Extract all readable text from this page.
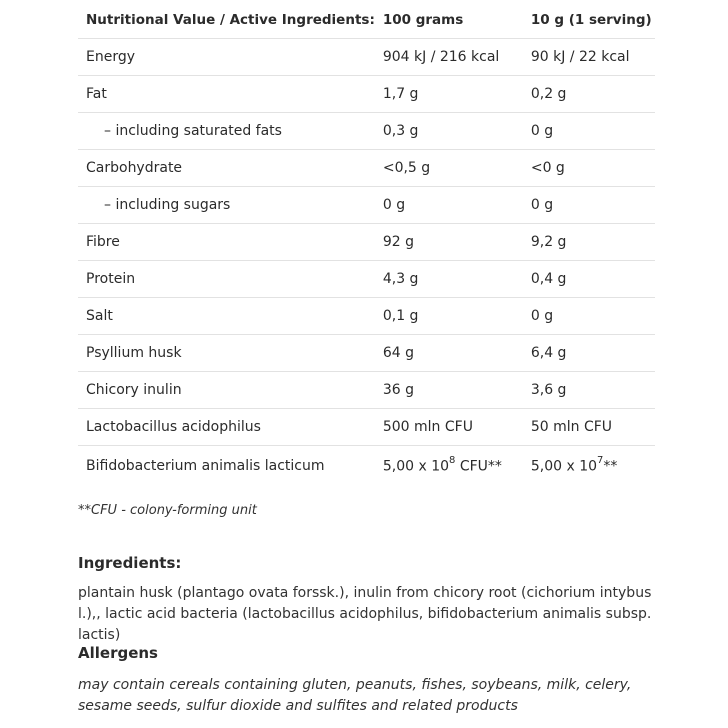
Nutritional Value / Active Ingredients:	100 grams	10 g (1 serving)
Energy	904 kJ / 216 kcal	90 kJ / 22 kcal
Fat	1,7 g	0,2 g
– including saturated fats	0,3 g	0 g
Carbohydrate	<0,5 g	<0 g
– including sugars	0 g	0 g
Fibre	92 g	9,2 g
Protein	4,3 g	0,4 g
Salt	0,1 g	0 g
Psyllium husk	64 g	6,4 g
Chicory inulin	36 g	3,6 g
Lactobacillus acidophilus	500 mln CFU	50 mln CFU
Bifidobacterium animalis lacticum	5,00 x $10^8$ CFU**	5,00 x $10^7**$
**CFU - colony-forming unit
Ingredients:

plantain husk (plantago ovata forssk.), inulin from chicory root (cichorium intybus l.),, lactic acid bacteria (lactobacillus acidophilus, bifidobacterium animalis subsp. lactis)

Allergens

may contain cereals containing gluten, peanuts, fishes, soybeans, milk, celery, sesame seeds, sulfur dioxide and sulfites and related products
